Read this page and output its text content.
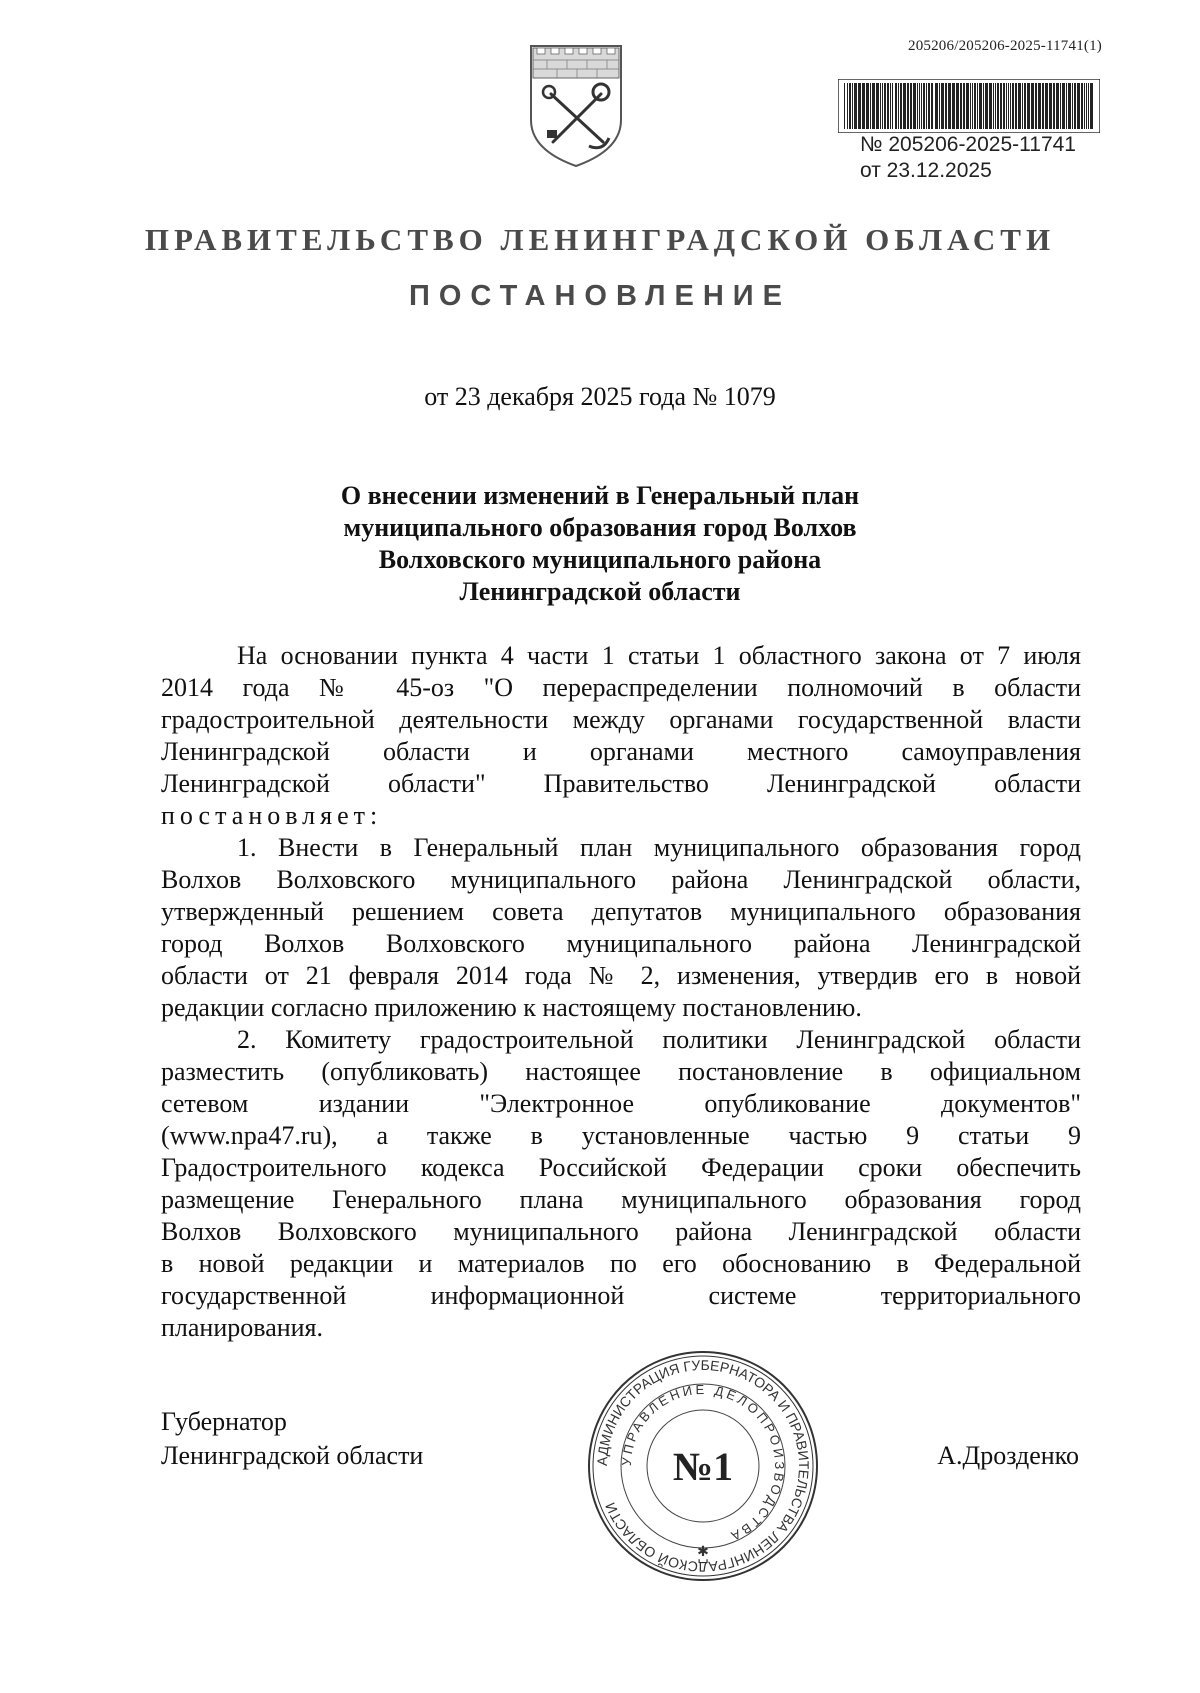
205206/205206-2025-11741(1)
№ 205206-2025-11741
от 23.12.2025
ПРАВИТЕЛЬСТВО ЛЕНИНГРАДСКОЙ ОБЛАСТИ
ПОСТАНОВЛЕНИЕ
от 23 декабря 2025 года № 1079
О внесении изменений в Генеральный план
муниципального образования город Волхов
Волховского муниципального района
Ленинградской области
На основании пункта 4 части 1 статьи 1 областного закона от 7 июля
2014 года № 45-оз "О перераспределении полномочий в области
градостроительной деятельности между органами государственной власти
Ленинградской области и органами местного самоуправления
Ленинградской области" Правительство Ленинградской области
постановляет:
1. Внести в Генеральный план муниципального образования город
Волхов Волховского муниципального района Ленинградской области,
утвержденный решением совета депутатов муниципального образования
город Волхов Волховского муниципального района Ленинградской
области от 21 февраля 2014 года № 2, изменения, утвердив его в новой
редакции согласно приложению к настоящему постановлению.
2. Комитету градостроительной политики Ленинградской области
разместить (опубликовать) настоящее постановление в официальном
сетевом издании "Электронное опубликование документов"
(www.npa47.ru), а также в установленные частью 9 статьи 9
Градостроительного кодекса Российской Федерации сроки обеспечить
размещение Генерального плана муниципального образования город
Волхов Волховского муниципального района Ленинградской области
в новой редакции и материалов по его обоснованию в Федеральной
государственной информационной системе территориального
планирования.
Губернатор
Ленинградской области	А.Дрозденко
АДМИНИСТРАЦИЯ ГУБЕРНАТОРА И ПРАВИТЕЛЬСТВА ЛЕНИНГРАДСКОЙ ОБЛАСТИ
УПРАВЛЕНИЕ ДЕЛОПРОИЗВОДСТВА
№1
✱
